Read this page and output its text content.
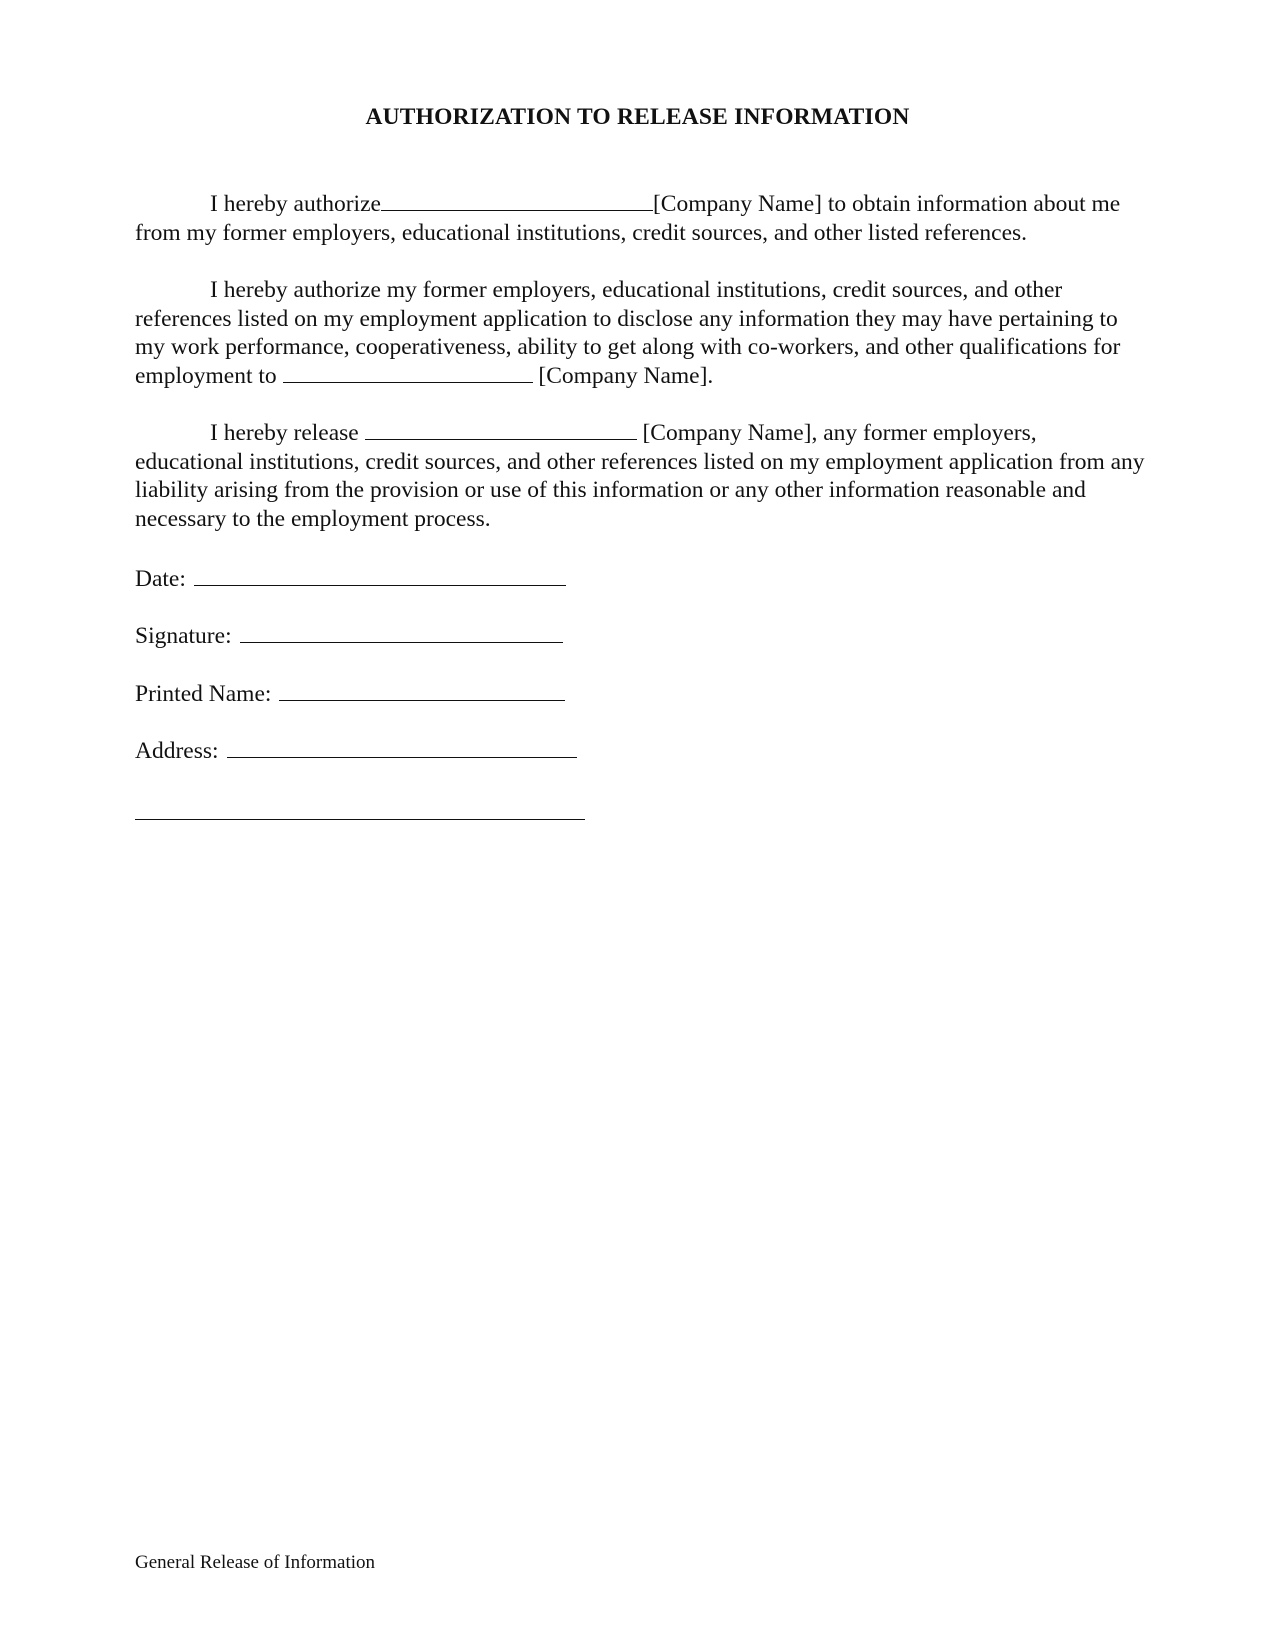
AUTHORIZATION TO RELEASE INFORMATION

I hereby authorize	[Company Name] to obtain information about me from my former employers, educational institutions, credit sources, and other listed references.

I hereby authorize my former employers, educational institutions, credit sources, and other references listed on my employment application to disclose any information they may have pertaining to my work performance, cooperativeness, ability to get along with co-workers, and other qualifications for employment to	[Company Name].

I hereby release	[Company Name], any former employers, educational institutions, credit sources, and other references listed on my employment application from any liability arising from the provision or use of this information or any other information reasonable and necessary to the employment process.

Date:

Signature:

Printed Name:

Address:

General Release of Information
